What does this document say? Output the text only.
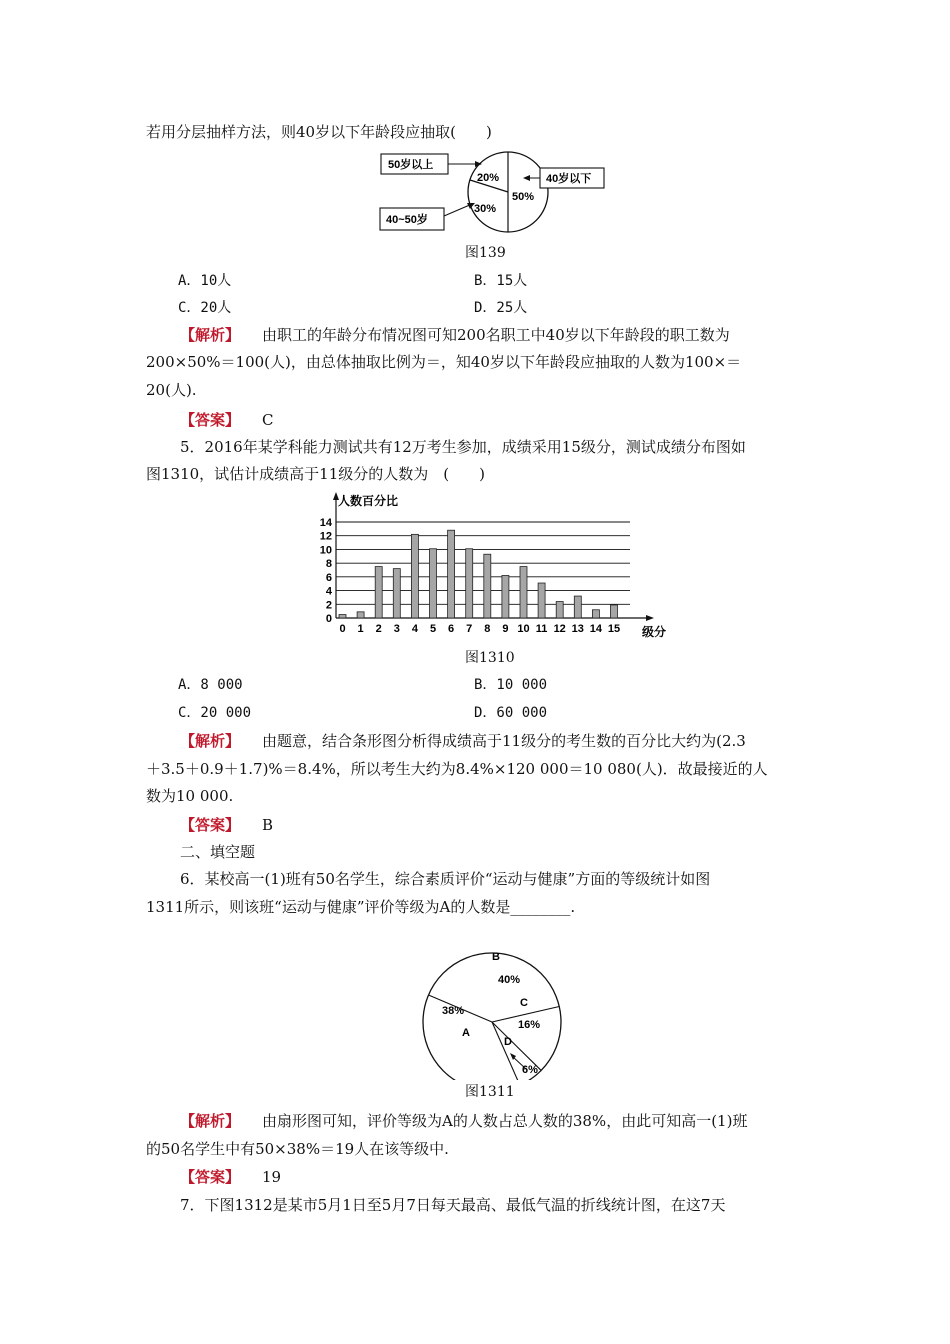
若用分层抽样方法，则40岁以下年龄段应抽取(　　)
50%
30%
20%
50岁以上
40岁以下
40~50岁
图139
A．10人	B．15人
C．20人	D．25人
【解析】 由职工的年龄分布情况图可知200名职工中40岁以下年龄段的职工数为
200×50%＝100(人)，由总体抽取比例为＝，知40岁以下年龄段应抽取的人数为100×＝
20(人).
【答案】 C
5．2016年某学科能力测试共有12万考生参加，成绩采用15级分，测试成绩分布图如
图1310，试估计成绩高于11级分的人数为　(　　)
人数百分比
级分
0
2
4
6
8
10
12
14
0 1 2 3 4 5 6 7 8 9 10 11 12 13 14 15
图1310
A．8 000	B．10 000
C．20 000	D．60 000
【解析】 由题意，结合条形图分析得成绩高于11级分的考生数的百分比大约为(2.3
＋3.5＋0.9＋1.7)%＝8.4%，所以考生大约为8.4%×120 000＝10 080(人)．故最接近的人
数为10 000.
【答案】 B
二、填空题
6．某校高一(1)班有50名学生，综合素质评价“运动与健康”方面的等级统计如图
1311所示，则该班“运动与健康”评价等级为A的人数是________.
B
40%
C
16%
D
6%
38%
A
图1311
【解析】 由扇形图可知，评价等级为A的人数占总人数的38%，由此可知高一(1)班
的50名学生中有50×38%＝19人在该等级中.
【答案】 19
7．下图1312是某市5月1日至5月7日每天最高、最低气温的折线统计图，在这7天
